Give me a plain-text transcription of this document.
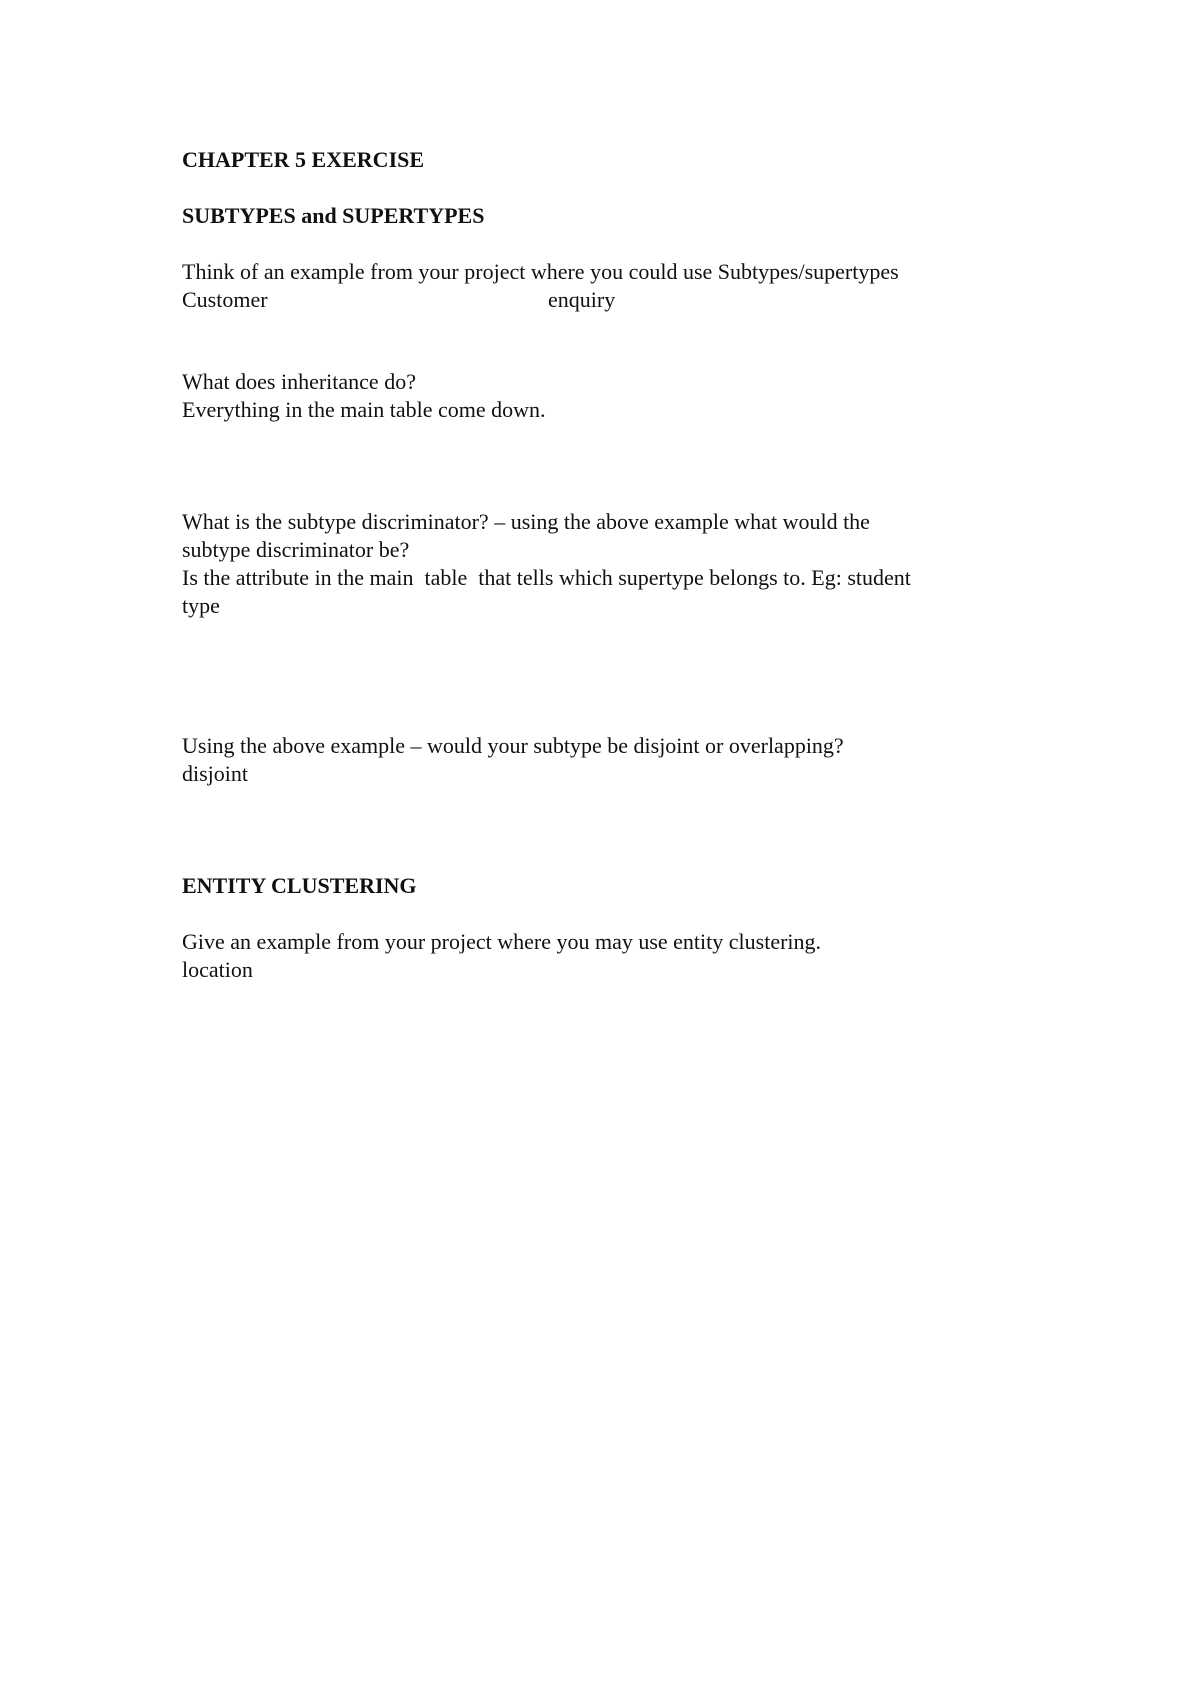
CHAPTER 5 EXERCISE
SUBTYPES and SUPERTYPES
Think of an example from your project where you could use Subtypes/supertypes
Customer	enquiry
What does inheritance do?
Everything in the main table come down.
What is the subtype discriminator? – using the above example what would the
subtype discriminator be?
Is the attribute in the main  table  that tells which supertype belongs to. Eg: student
type
Using the above example – would your subtype be disjoint or overlapping?
disjoint
ENTITY CLUSTERING
Give an example from your project where you may use entity clustering.
location
